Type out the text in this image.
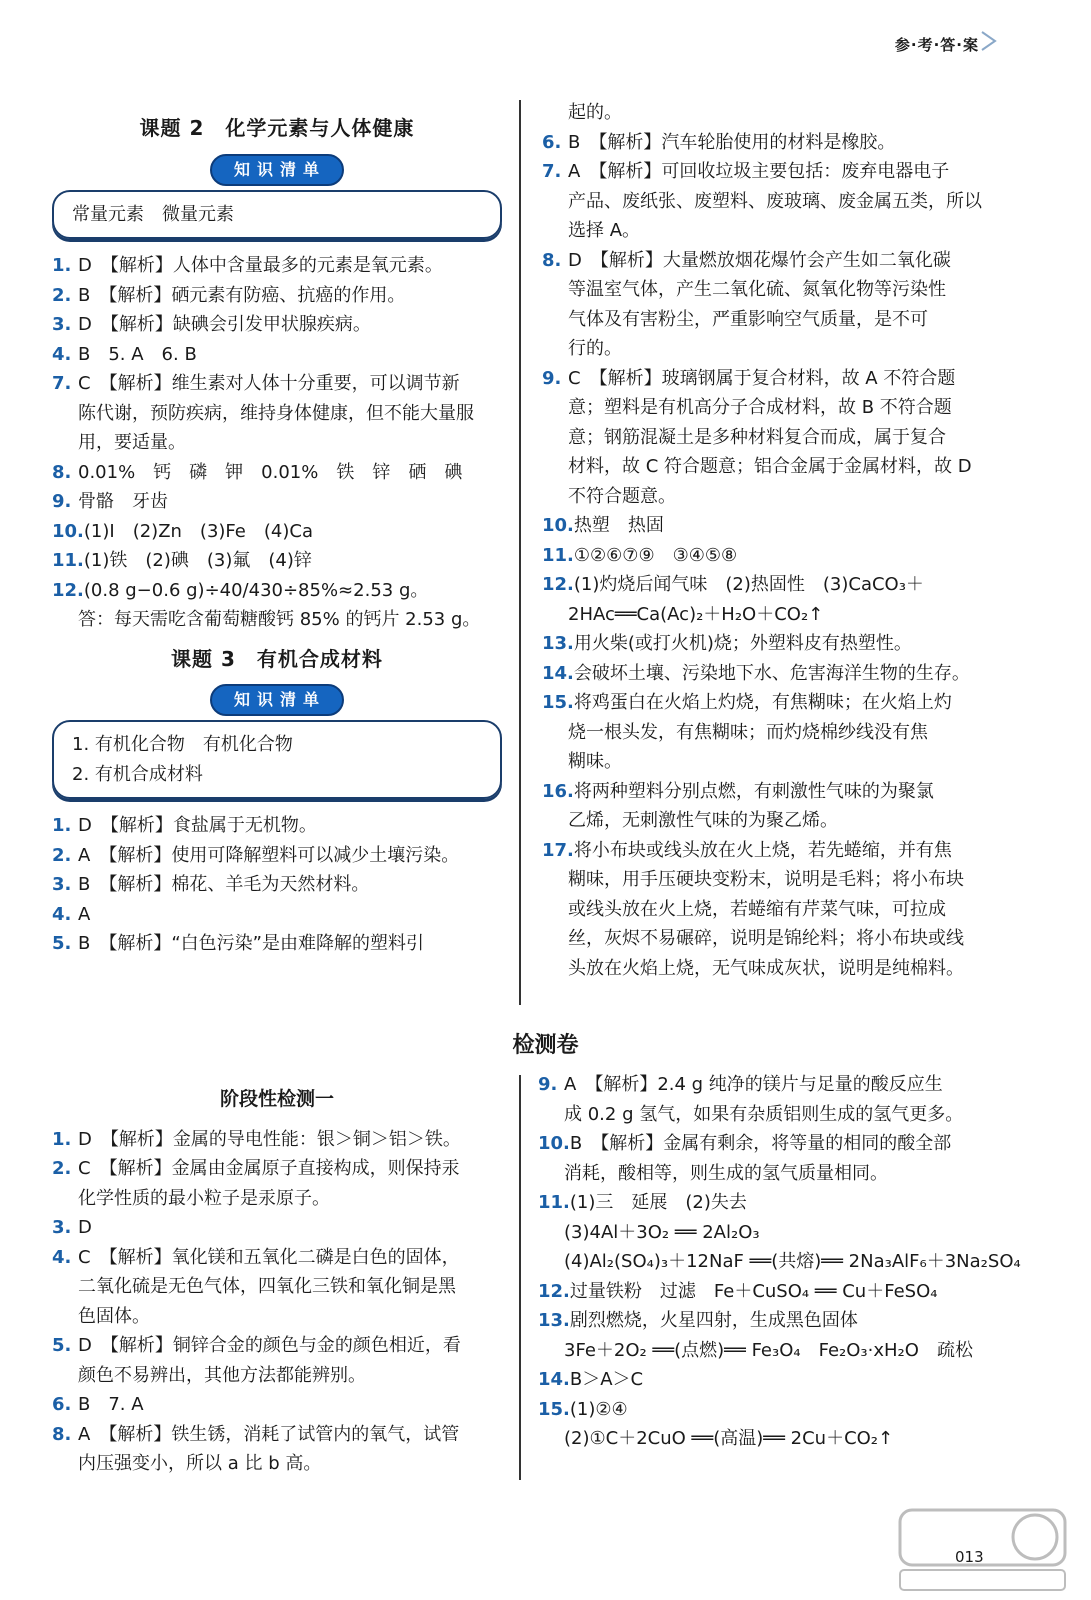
参·考·答·案
课题 2　化学元素与人体健康
知识清单
常量元素　微量元素
1. D　【解析】人体中含量最多的元素是氧元素。
2. B　【解析】硒元素有防癌、抗癌的作用。
3. D　【解析】缺碘会引发甲状腺疾病。
4. B　5. A　6. B
7. C　【解析】维生素对人体十分重要，可以调节新
陈代谢，预防疾病，维持身体健康，但不能大量服
用，要适量。
8. 0.01%　钙　磷　钾　0.01%　铁　锌　硒　碘
9. 骨骼　牙齿
10. (1)I　(2)Zn　(3)Fe　(4)Ca
11. (1)铁　(2)碘　(3)氟　(4)锌
12. (0.8 g−0.6 g)÷40/430÷85%≈2.53 g。
答：每天需吃含葡萄糖酸钙 85% 的钙片 2.53 g。
课题 3　有机合成材料
知识清单
1. 有机化合物　有机化合物
2. 有机合成材料
1. D　【解析】食盐属于无机物。
2. A　【解析】使用可降解塑料可以减少土壤污染。
3. B　【解析】棉花、羊毛为天然材料。
4. A
5. B　【解析】“白色污染”是由难降解的塑料引
起的。
6. B　【解析】汽车轮胎使用的材料是橡胶。
7. A　【解析】可回收垃圾主要包括：废弃电器电子
产品、废纸张、废塑料、废玻璃、废金属五类，所以
选择 A。
8. D　【解析】大量燃放烟花爆竹会产生如二氧化碳
等温室气体，产生二氧化硫、氮氧化物等污染性
气体及有害粉尘，严重影响空气质量，是不可
行的。
9. C　【解析】玻璃钢属于复合材料，故 A 不符合题
意；塑料是有机高分子合成材料，故 B 不符合题
意；钢筋混凝土是多种材料复合而成，属于复合
材料，故 C 符合题意；铝合金属于金属材料，故 D
不符合题意。
10. 热塑　热固
11. ①②⑥⑦⑨　③④⑤⑧
12. (1)灼烧后闻气味　(2)热固性　(3)CaCO₃＋
2HAc══Ca(Ac)₂＋H₂O＋CO₂↑
13. 用火柴(或打火机)烧；外塑料皮有热塑性。
14. 会破坏土壤、污染地下水、危害海洋生物的生存。
15. 将鸡蛋白在火焰上灼烧，有焦糊味；在火焰上灼
烧一根头发，有焦糊味；而灼烧棉纱线没有焦
糊味。
16. 将两种塑料分别点燃，有刺激性气味的为聚氯
乙烯，无刺激性气味的为聚乙烯。
17. 将小布块或线头放在火上烧，若先蜷缩，并有焦
糊味，用手压硬块变粉末，说明是毛料；将小布块
或线头放在火上烧，若蜷缩有芹菜气味，可拉成
丝，灰烬不易碾碎，说明是锦纶料；将小布块或线
头放在火焰上烧，无气味成灰状，说明是纯棉料。
检测卷
阶段性检测一
1. D　【解析】金属的导电性能：银＞铜＞铝＞铁。
2. C　【解析】金属由金属原子直接构成，则保持汞
化学性质的最小粒子是汞原子。
3. D
4. C　【解析】氧化镁和五氧化二磷是白色的固体，
二氧化硫是无色气体，四氧化三铁和氧化铜是黑
色固体。
5. D　【解析】铜锌合金的颜色与金的颜色相近，看
颜色不易辨出，其他方法都能辨别。
6. B　7. A
8. A　【解析】铁生锈，消耗了试管内的氧气，试管
内压强变小，所以 a 比 b 高。
9. A　【解析】2.4 g 纯净的镁片与足量的酸反应生
成 0.2 g 氢气，如果有杂质铝则生成的氢气更多。
10. B　【解析】金属有剩余，将等量的相同的酸全部
消耗，酸相等，则生成的氢气质量相同。
11. (1)三　延展　(2)失去
(3)4Al＋3O₂ ══ 2Al₂O₃
(4)Al₂(SO₄)₃＋12NaF ══(共熔)══ 2Na₃AlF₆＋3Na₂SO₄
12. 过量铁粉　过滤　Fe＋CuSO₄ ══ Cu＋FeSO₄
13. 剧烈燃烧，火星四射，生成黑色固体
3Fe＋2O₂ ══(点燃)══ Fe₃O₄　Fe₂O₃·xH₂O　疏松
14. B＞A＞C
15. (1)②④
(2)①C＋2CuO ══(高温)══ 2Cu＋CO₂↑
013
